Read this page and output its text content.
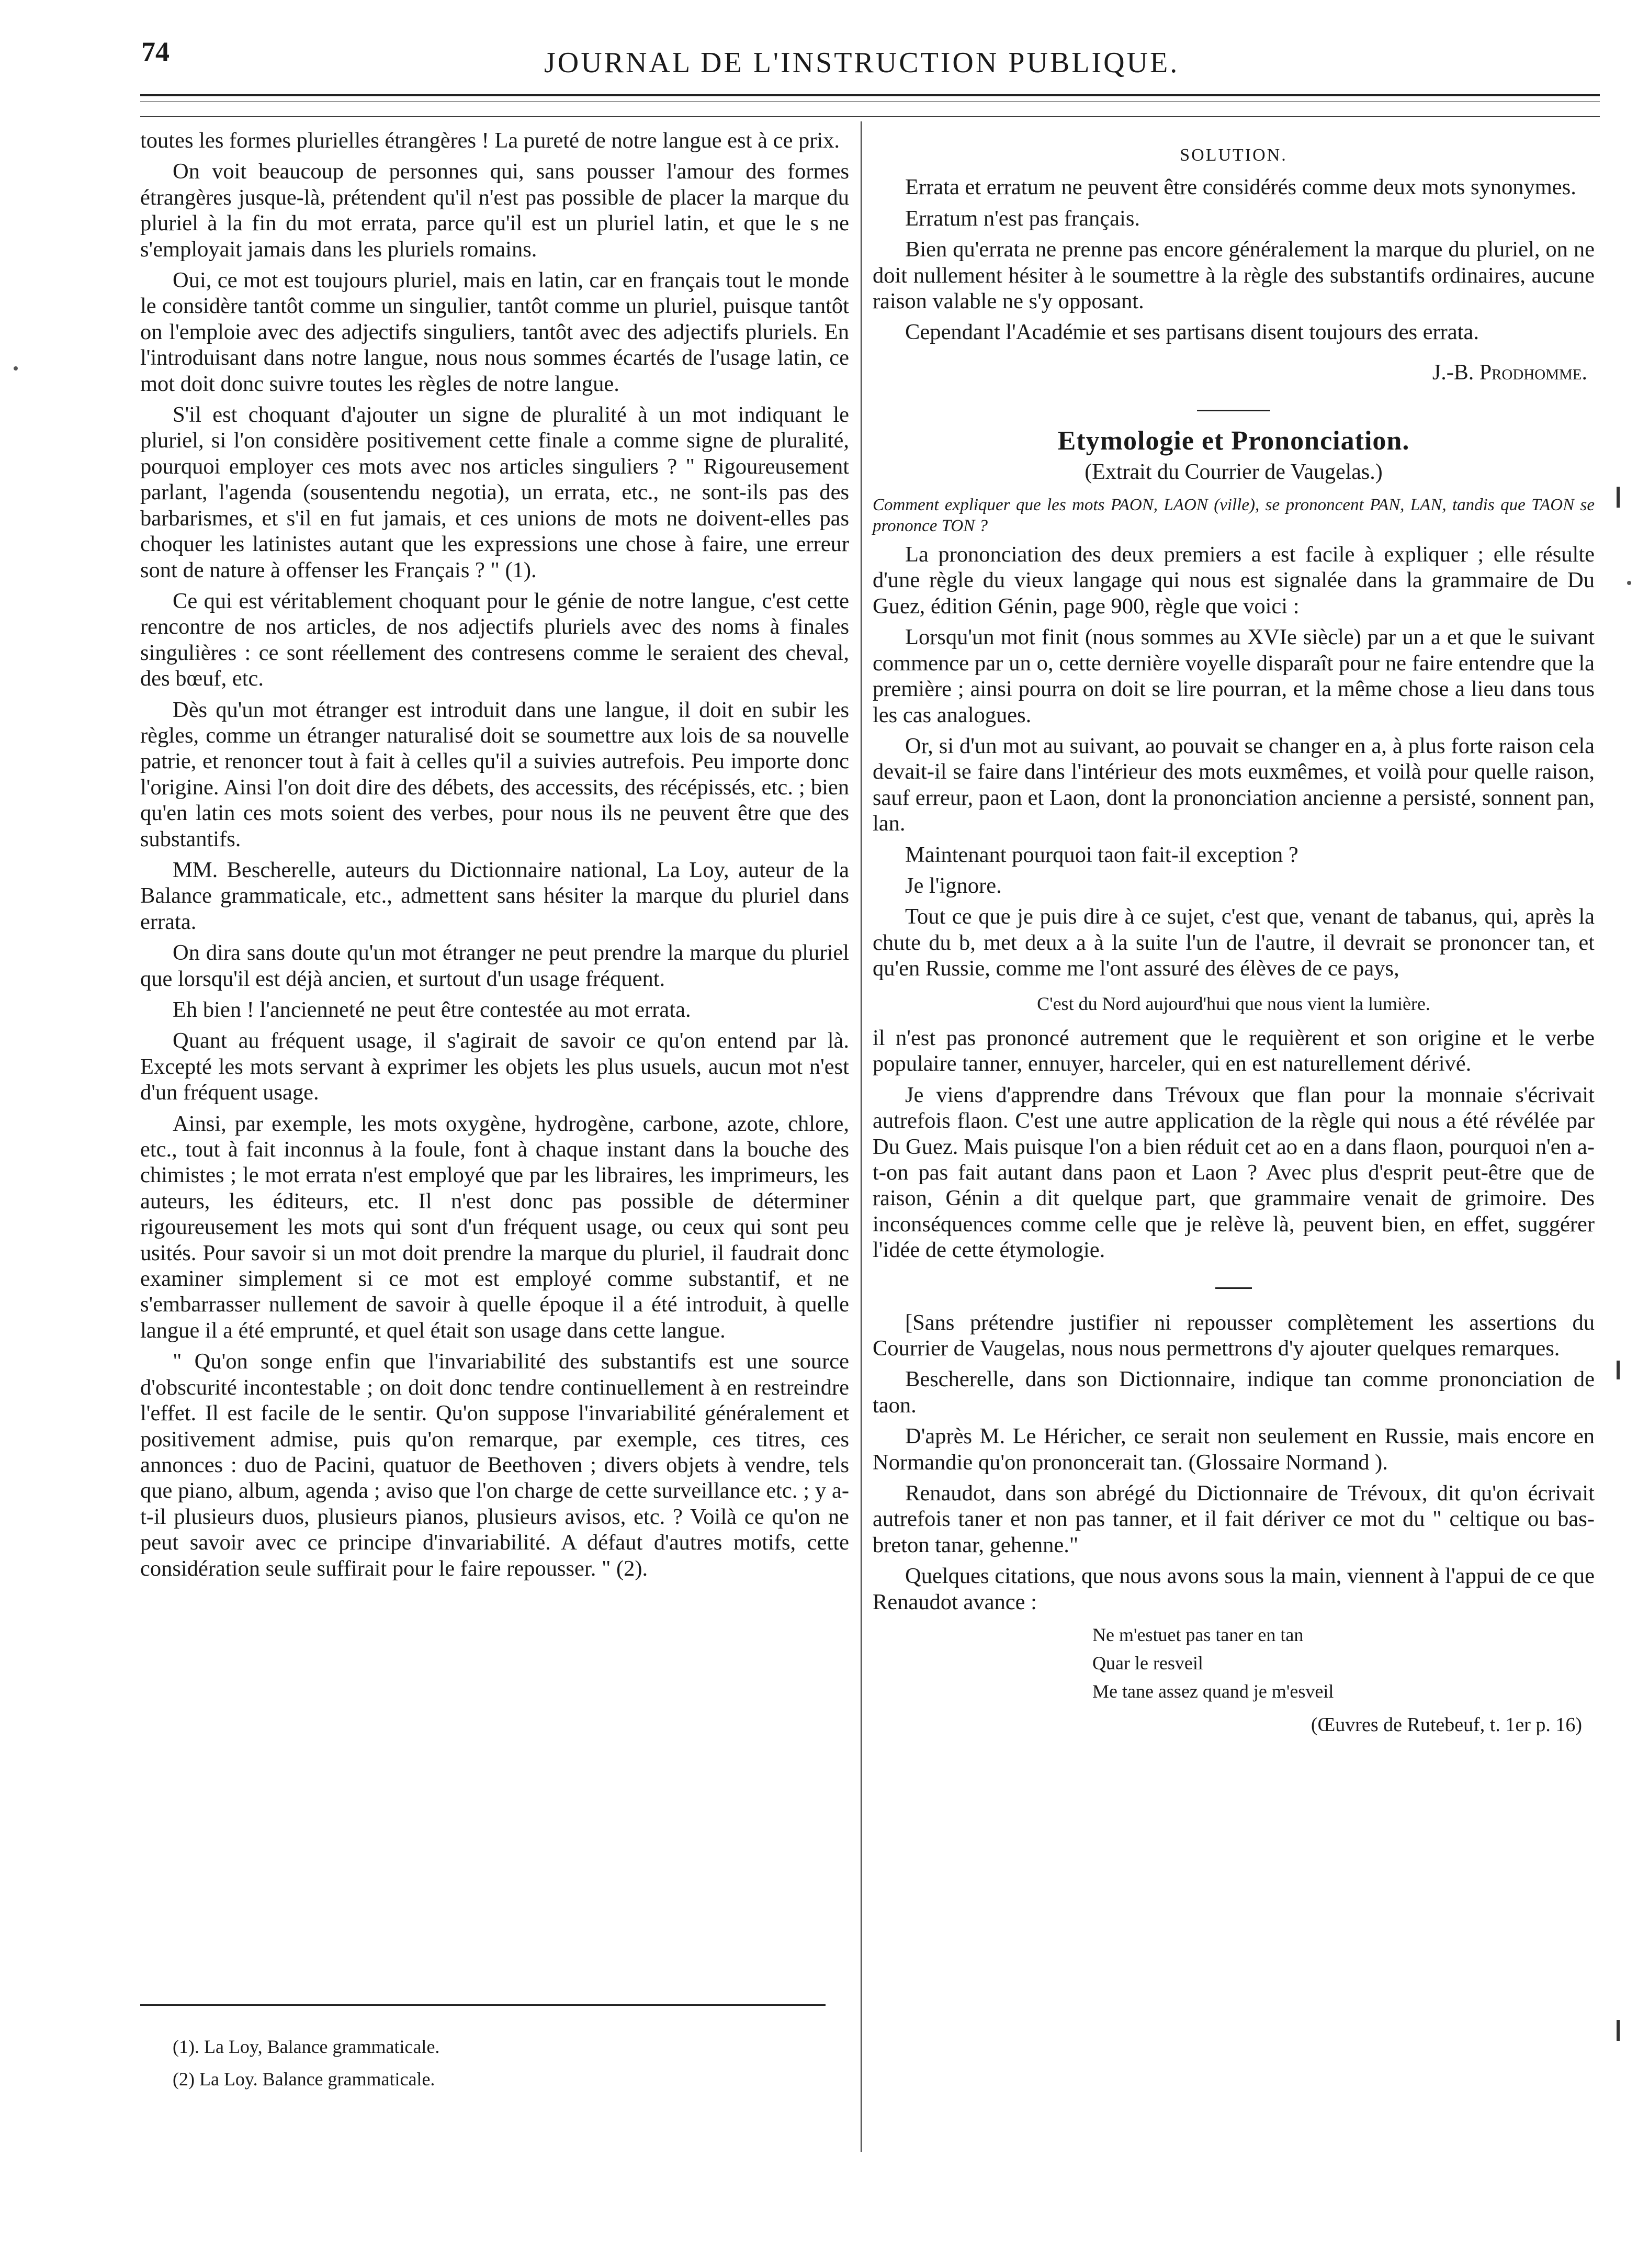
74	JOURNAL DE L'INSTRUCTION PUBLIQUE.

toutes les formes plurielles étrangères ! La pureté de notre langue est à ce prix.

On voit beaucoup de personnes qui, sans pousser l'amour des formes étrangères jusque-là, prétendent qu'il n'est pas possible de placer la marque du pluriel à la fin du mot errata, parce qu'il est un pluriel latin, et que le s ne s'employait jamais dans les pluriels romains.

Oui, ce mot est toujours pluriel, mais en latin, car en français tout le monde le considère tantôt comme un singulier, tantôt comme un pluriel, puisque tantôt on l'emploie avec des adjectifs singuliers, tantôt avec des adjectifs pluriels. En l'introduisant dans notre langue, nous nous sommes écartés de l'usage latin, ce mot doit donc suivre toutes les règles de notre langue.

S'il est choquant d'ajouter un signe de pluralité à un mot indiquant le pluriel, si l'on considère positivement cette finale a comme signe de pluralité, pourquoi employer ces mots avec nos articles singuliers ? " Rigoureusement parlant, l'agenda (sousentendu negotia), un errata, etc., ne sont-ils pas des barbarismes, et s'il en fut jamais, et ces unions de mots ne doivent-elles pas choquer les latinistes autant que les expressions une chose à faire, une erreur sont de nature à offenser les Français ? " (1).

Ce qui est véritablement choquant pour le génie de notre langue, c'est cette rencontre de nos articles, de nos adjectifs pluriels avec des noms à finales singulières : ce sont réellement des contresens comme le seraient des cheval, des bœuf, etc.

Dès qu'un mot étranger est introduit dans une langue, il doit en subir les règles, comme un étranger naturalisé doit se soumettre aux lois de sa nouvelle patrie, et renoncer tout à fait à celles qu'il a suivies autrefois. Peu importe donc l'origine. Ainsi l'on doit dire des débets, des accessits, des récépissés, etc. ; bien qu'en latin ces mots soient des verbes, pour nous ils ne peuvent être que des substantifs.

MM. Bescherelle, auteurs du Dictionnaire national, La Loy, auteur de la Balance grammaticale, etc., admettent sans hésiter la marque du pluriel dans errata.

On dira sans doute qu'un mot étranger ne peut prendre la marque du pluriel que lorsqu'il est déjà ancien, et surtout d'un usage fréquent.

Eh bien ! l'ancienneté ne peut être contestée au mot errata.

Quant au fréquent usage, il s'agirait de savoir ce qu'on entend par là. Excepté les mots servant à exprimer les objets les plus usuels, aucun mot n'est d'un fréquent usage.

Ainsi, par exemple, les mots oxygène, hydrogène, carbone, azote, chlore, etc., tout à fait inconnus à la foule, font à chaque instant dans la bouche des chimistes ; le mot errata n'est employé que par les libraires, les imprimeurs, les auteurs, les éditeurs, etc. Il n'est donc pas possible de déterminer rigoureusement les mots qui sont d'un fréquent usage, ou ceux qui sont peu usités. Pour savoir si un mot doit prendre la marque du pluriel, il faudrait donc examiner simplement si ce mot est employé comme substantif, et ne s'embarrasser nullement de savoir à quelle époque il a été introduit, à quelle langue il a été emprunté, et quel était son usage dans cette langue.

" Qu'on songe enfin que l'invariabilité des substantifs est une source d'obscurité incontestable ; on doit donc tendre continuellement à en restreindre l'effet. Il est facile de le sentir. Qu'on suppose l'invariabilité généralement et positivement admise, puis qu'on remarque, par exemple, ces titres, ces annonces : duo de Pacini, quatuor de Beethoven ; divers objets à vendre, tels que piano, album, agenda ; aviso que l'on charge de cette surveillance etc. ; y a-t-il plusieurs duos, plusieurs pianos, plusieurs avisos, etc. ? Voilà ce qu'on ne peut savoir avec ce principe d'invariabilité. A défaut d'autres motifs, cette considération seule suffirait pour le faire repousser. " (2).

(1). La Loy, Balance grammaticale.
(2) La Loy. Balance grammaticale.

SOLUTION.

Errata et erratum ne peuvent être considérés comme deux mots synonymes.

Erratum n'est pas français.

Bien qu'errata ne prenne pas encore généralement la marque du pluriel, on ne doit nullement hésiter à le soumettre à la règle des substantifs ordinaires, aucune raison valable ne s'y opposant.

Cependant l'Académie et ses partisans disent toujours des errata.

J.-B. Prodhomme.

Etymologie et Prononciation.

(Extrait du Courrier de Vaugelas.)

Comment expliquer que les mots PAON, LAON (ville), se prononcent PAN, LAN, tandis que TAON se prononce TON ?

La prononciation des deux premiers a est facile à expliquer ; elle résulte d'une règle du vieux langage qui nous est signalée dans la grammaire de Du Guez, édition Génin, page 900, règle que voici :

Lorsqu'un mot finit (nous sommes au XVIe siècle) par un a et que le suivant commence par un o, cette dernière voyelle disparaît pour ne faire entendre que la première ; ainsi pourra on doit se lire pourran, et la même chose a lieu dans tous les cas analogues.

Or, si d'un mot au suivant, ao pouvait se changer en a, à plus forte raison cela devait-il se faire dans l'intérieur des mots euxmêmes, et voilà pour quelle raison, sauf erreur, paon et Laon, dont la prononciation ancienne a persisté, sonnent pan, lan.

Maintenant pourquoi taon fait-il exception ?

Je l'ignore.

Tout ce que je puis dire à ce sujet, c'est que, venant de tabanus, qui, après la chute du b, met deux a à la suite l'un de l'autre, il devrait se prononcer tan, et qu'en Russie, comme me l'ont assuré des élèves de ce pays,

C'est du Nord aujourd'hui que nous vient la lumière.

il n'est pas prononcé autrement que le requièrent et son origine et le verbe populaire tanner, ennuyer, harceler, qui en est naturellement dérivé.

Je viens d'apprendre dans Trévoux que flan pour la monnaie s'écrivait autrefois flaon. C'est une autre application de la règle qui nous a été révélée par Du Guez. Mais puisque l'on a bien réduit cet ao en a dans flaon, pourquoi n'en a-t-on pas fait autant dans paon et Laon ? Avec plus d'esprit peut-être que de raison, Génin a dit quelque part, que grammaire venait de grimoire. Des inconséquences comme celle que je relève là, peuvent bien, en effet, suggérer l'idée de cette étymologie.

[Sans prétendre justifier ni repousser complètement les assertions du Courrier de Vaugelas, nous nous permettrons d'y ajouter quelques remarques.

Bescherelle, dans son Dictionnaire, indique tan comme prononciation de taon.

D'après M. Le Héricher, ce serait non seulement en Russie, mais encore en Normandie qu'on prononcerait tan. (Glossaire Normand ).

Renaudot, dans son abrégé du Dictionnaire de Trévoux, dit qu'on écrivait autrefois taner et non pas tanner, et il fait dériver ce mot du " celtique ou bas-breton tanar, gehenne."

Quelques citations, que nous avons sous la main, viennent à l'appui de ce que Renaudot avance :

Ne m'estuet pas taner en tan

Quar le resveil

Me tane assez quand je m'esveil

(Œuvres de Rutebeuf, t. 1er p. 16)
